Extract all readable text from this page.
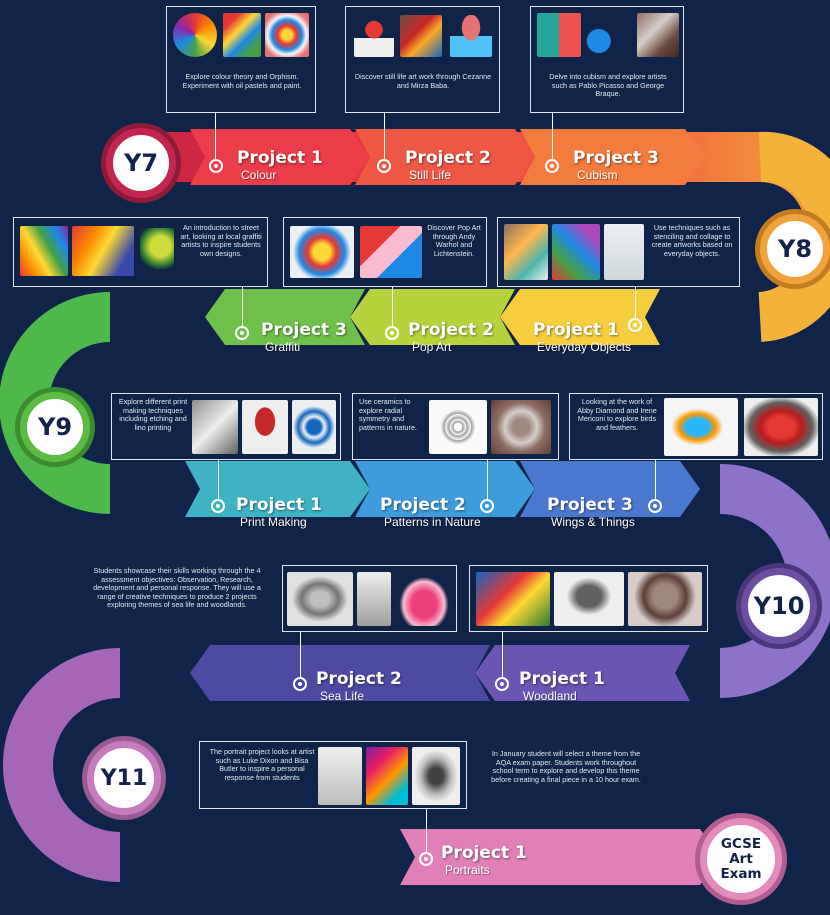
Y7
Y8
Y9
Y10
Y11
GCSE Art Exam
Project 1
Colour
Project 2
Still Life
Project 3
Cubism
Explore colour theory and Orphism. Experiment with oil pastels and paint.
Discover still life art work through Cezanne and Mirza Baba.
Delve into cubism and explore artists such as Pablo Picasso and George Braque.
An introduction to street art, looking at local graffiti artists to inspire students own designs.
Discover Pop Art through Andy Warhol and Lichtenstein.
Use techniques such as stenciling and collage to create artworks based on everyday objects.
Project 3
Graffiti
Project 2
Pop Art
Project 1
Everyday Objects
Explore different print making techniques including etching and lino printing
Use ceramics to explore radial symmetry and patterns in nature.
Looking at the work of Abby Diamond and Irene Mericoni to explore birds and feathers.
Project 1
Print Making
Project 2
Patterns in Nature
Project 3
Wings & Things
Students showcase their skills working through the 4 assessment objectives: Observation, Research, development and personal response. They will use a range of creative techniques to produce 2 projects exploring themes of sea life and woodlands.
Project 2
Sea Life
Project 1
Woodland
The portrait project looks at artist such as Luke Dixon and Bisa Butler to inspire a personal response from students
In January student will select a theme from the AQA exam paper. Students work throughout school term to explore and develop this theme before creating a final piece in a 10 hour exam.
Project 1
Portraits
